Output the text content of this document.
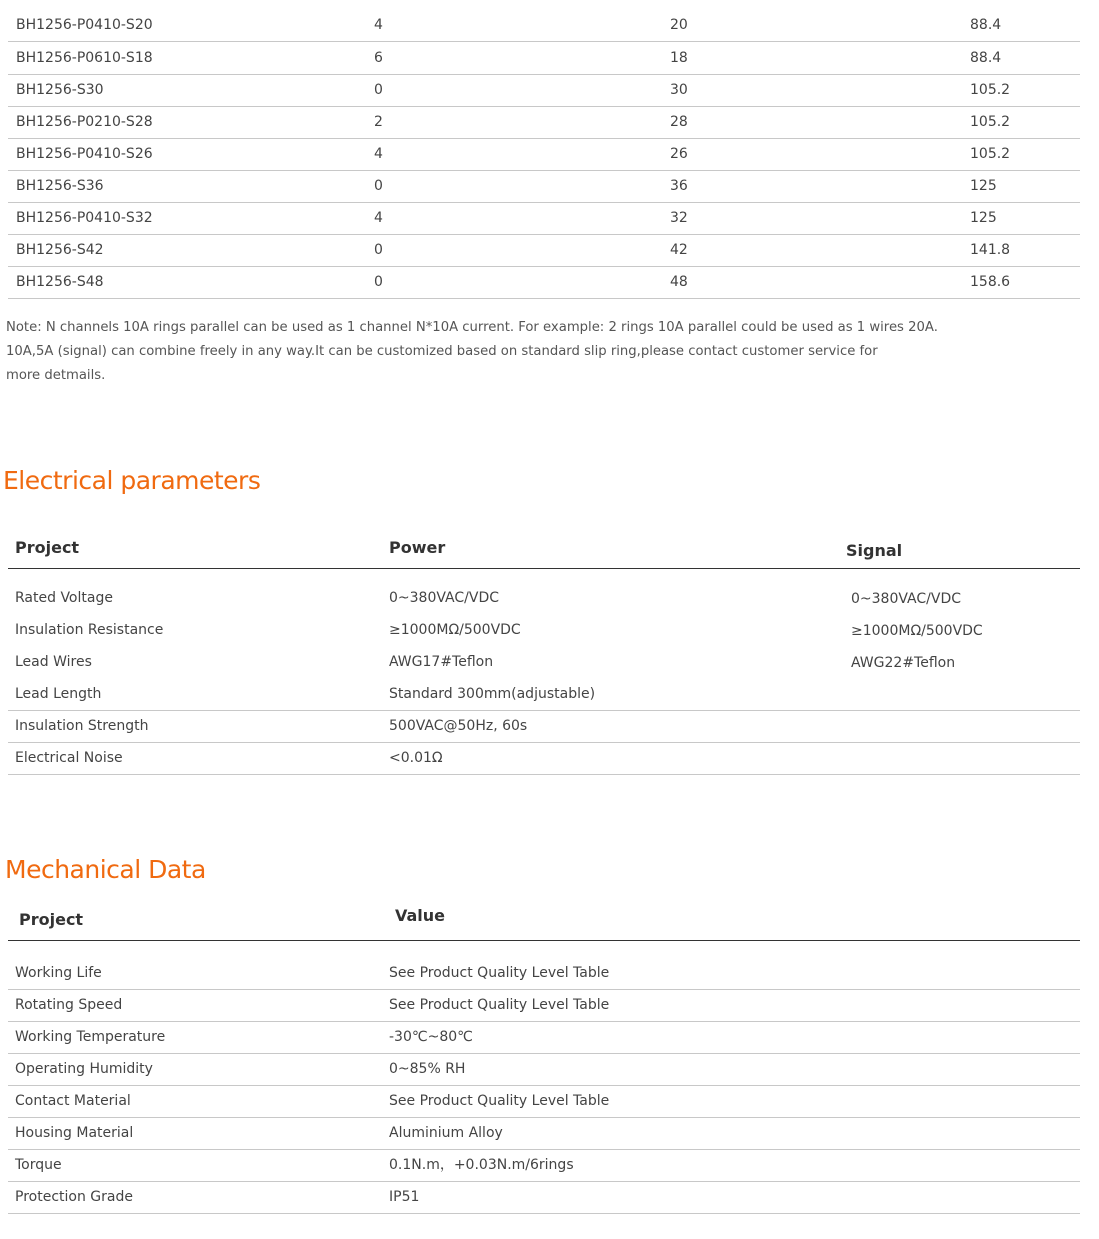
BH1256-P0410-S20	4	20	88.4
BH1256-P0610-S18	6	18	88.4
BH1256-S30	0	30	105.2
BH1256-P0210-S28	2	28	105.2
BH1256-P0410-S26	4	26	105.2
BH1256-S36	0	36	125
BH1256-P0410-S32	4	32	125
BH1256-S42	0	42	141.8
BH1256-S48	0	48	158.6

Note: N channels 10A rings parallel can be used as 1 channel N*10A current. For example: 2 rings 10A parallel could be used as 1 wires 20A.

10A,5A (signal) can combine freely in any way.It can be customized based on standard slip ring,please contact customer service for

more detmails.

Electrical parameters
Project	Power	Signal
Rated Voltage	0~380VAC/VDC	0~380VAC/VDC
Insulation Resistance	≥1000MΩ/500VDC	≥1000MΩ/500VDC
Lead Wires	AWG17#Teflon	AWG22#Teflon
Lead Length	Standard 300mm(adjustable)
Insulation Strength	500VAC@50Hz, 60s
Electrical Noise	<0.01Ω
Mechanical Data
Project	Value
Working Life	See Product Quality Level Table
Rotating Speed	See Product Quality Level Table
Working Temperature	-30℃~80℃
Operating Humidity	0~85% RH
Contact Material	See Product Quality Level Table
Housing Material	Aluminium Alloy
Torque	0.1N.m，+0.03N.m/6rings
Protection Grade	IP51
